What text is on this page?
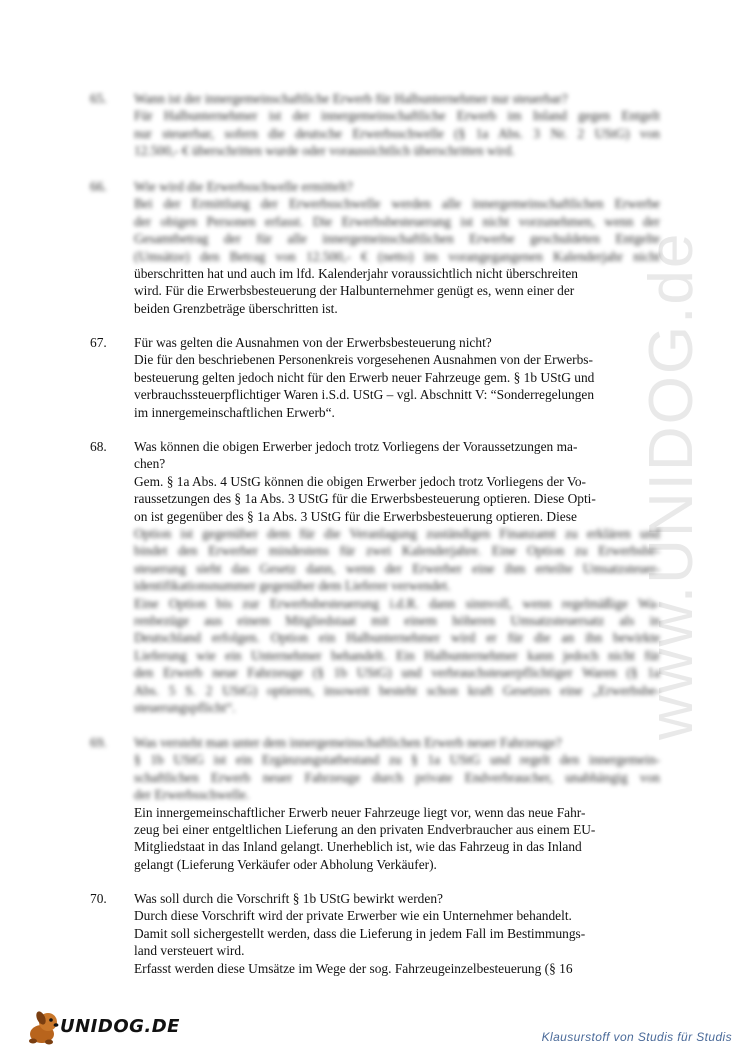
www.UNIDOG.de
65.	Wann ist der innergemeinschaftliche Erwerb für Halbunternehmer nur steuerbar?
Für Halbunternehmer ist der innergemeinschaftliche Erwerb im Inland gegen Entgelt
nur steuerbar, sofern die deutsche Erwerbsschwelle (§ 1a Abs. 3 Nr. 2 UStG) von
12.500,- € überschritten wurde oder voraussichtlich überschritten wird.
66.	Wie wird die Erwerbsschwelle ermittelt?
Bei der Ermittlung der Erwerbsschwelle werden alle innergemeinschaftlichen Erwerbe
der obigen Personen erfasst. Die Erwerbsbesteuerung ist nicht vorzunehmen, wenn der
Gesamtbetrag der für alle innergemeinschaftlichen Erwerbe geschuldeten Entgelte
(Umsätze) den Betrag von 12.500,- € (netto) im vorangegangenen Kalenderjahr nicht
überschritten hat und auch im lfd. Kalenderjahr voraussichtlich nicht überschreiten
wird. Für die Erwerbsbesteuerung der Halbunternehmer genügt es, wenn einer der
beiden Grenzbeträge überschritten ist.
67.	Für was gelten die Ausnahmen von der Erwerbsbesteuerung nicht?
Die für den beschriebenen Personenkreis vorgesehenen Ausnahmen von der Erwerbs-
besteuerung gelten jedoch nicht für den Erwerb neuer Fahrzeuge gem. § 1b UStG und
verbrauchssteuerpflichtiger Waren i.S.d. UStG – vgl. Abschnitt V: “Sonderregelungen
im innergemeinschaftlichen Erwerb“.
68.	Was können die obigen Erwerber jedoch trotz Vorliegens der Voraussetzungen ma-
chen?
Gem. § 1a Abs. 4 UStG können die obigen Erwerber jedoch trotz Vorliegens der Vo-
raussetzungen des § 1a Abs. 3 UStG für die Erwerbsbesteuerung optieren. Diese Opti-
on ist gegenüber des § 1a Abs. 3 UStG für die Erwerbsbesteuerung optieren. Diese
Option ist gegenüber dem für die Veranlagung zuständigen Finanzamt zu erklären und
bindet den Erwerber mindestens für zwei Kalenderjahre. Eine Option zu Erwerbsbe-
steuerung sieht das Gesetz dann, wenn der Erwerber eine ihm erteilte Umsatzsteuer-
identifikationsnummer gegenüber dem Lieferer verwendet.
Eine Option bis zur Erwerbsbesteuerung i.d.R. dann sinnvoll, wenn regelmäßige Wa-
renbezüge aus einem Mitgliedstaat mit einem höheren Umsatzsteuersatz als in
Deutschland erfolgen. Option ein Halbunternehmer wird er für die an ihn bewirkte
Lieferung wie ein Unternehmer behandelt. Ein Halbunternehmer kann jedoch nicht für
den Erwerb neue Fahrzeuge (§ 1b UStG) und verbrauchsteuerpflichtiger Waren (§ 1a
Abs. 5 S. 2 UStG) optieren, insoweit besteht schon kraft Gesetzes eine „Erwerbsbe-
steuerungspflicht“.
69.	Was versteht man unter dem innergemeinschaftlichen Erwerb neuer Fahrzeuge?
§ 1b UStG ist ein Ergänzungstatbestand zu § 1a UStG und regelt den innergemein-
schaftlichen Erwerb neuer Fahrzeuge durch private Endverbraucher, unabhängig von
der Erwerbsschwelle.
Ein innergemeinschaftlicher Erwerb neuer Fahrzeuge liegt vor, wenn das neue Fahr-
zeug bei einer entgeltlichen Lieferung an den privaten Endverbraucher aus einem EU-
Mitgliedstaat in das Inland gelangt. Unerheblich ist, wie das Fahrzeug in das Inland
gelangt (Lieferung Verkäufer oder Abholung Verkäufer).
70.	Was soll durch die Vorschrift § 1b UStG bewirkt werden?
Durch diese Vorschrift wird der private Erwerber wie ein Unternehmer behandelt.
Damit soll sichergestellt werden, dass die Lieferung in jedem Fall im Bestimmungs-
land versteuert wird.
Erfasst werden diese Umsätze im Wege der sog. Fahrzeugeinzelbesteuerung (§ 16
UNIDOG.DE	Klausurstoff von Studis für Studis
